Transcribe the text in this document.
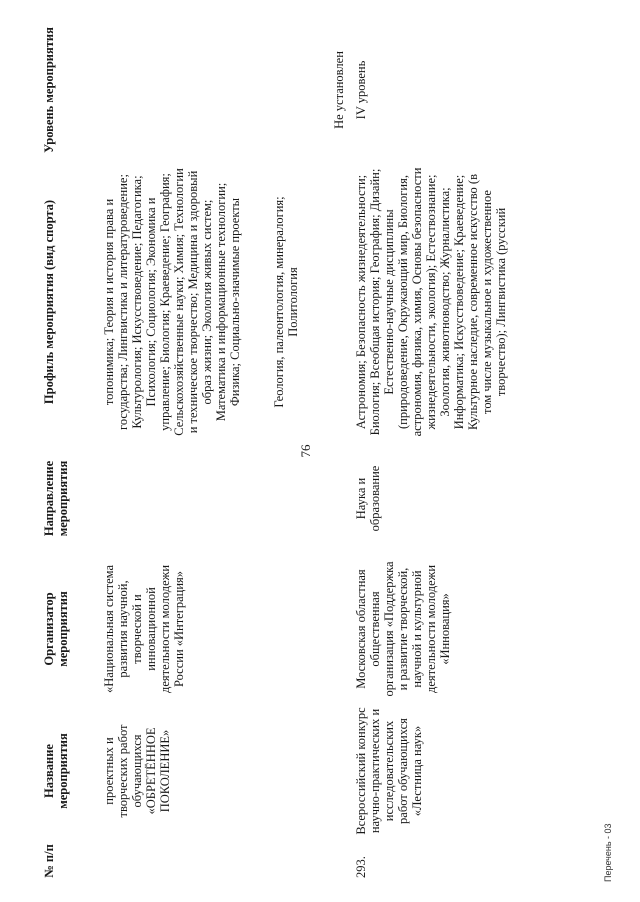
76
№ п/п	Название мероприятия	Организатор мероприятия	Направление мероприятия	Профиль мероприятия (вид спорта)	Уровень мероприятия
	проектных и творческих работ обучающихся «ОБРЕТЁННОЕ ПОКОЛЕНИЕ»	«Национальная система развития научной, творческой и инновационной деятельности молодежи России «Интеграция»		топонимика; Теория и история права и государства; Лингвистика и литературоведение; Культурология; Искусствоведение; Педагогика; Психология; Социология; Экономика и управление; Биология; Краеведение; География; Сельскохозяйственные науки; Химия; Технологии и техническое творчество; Медицина и здоровый образ жизни; Экология живых систем; Математика и информационные технологии; Физика; Социально-значимые проекты Геология, палеонтология, минералогия; Политология	Не установлен
293.	Всероссийский конкурс научно-практических и исследовательских работ обучающихся «Лестница наук»	Московская областная общественная организация «Поддержка и развитие творческой, научной и культурной деятельности молодежи «Инновация»	Наука и образование	Астрономия; Безопасность жизнедеятельности; Биология; Всеобщая история; География; Дизайн; Естественно-научные дисциплины (природоведение, Окружающий мир, Биология, астрономия, физика, химия, Основы безопасности жизнедеятельности, экология); Естествознание; Зоология, животноводство; Журналистика; Информатика; Искусствоведение; Краеведение; Культурное наследие, современное искусство (в том числе музыкальное и художественное творчество); Лингвистика (русский	IV уровень
Перечень - 03
